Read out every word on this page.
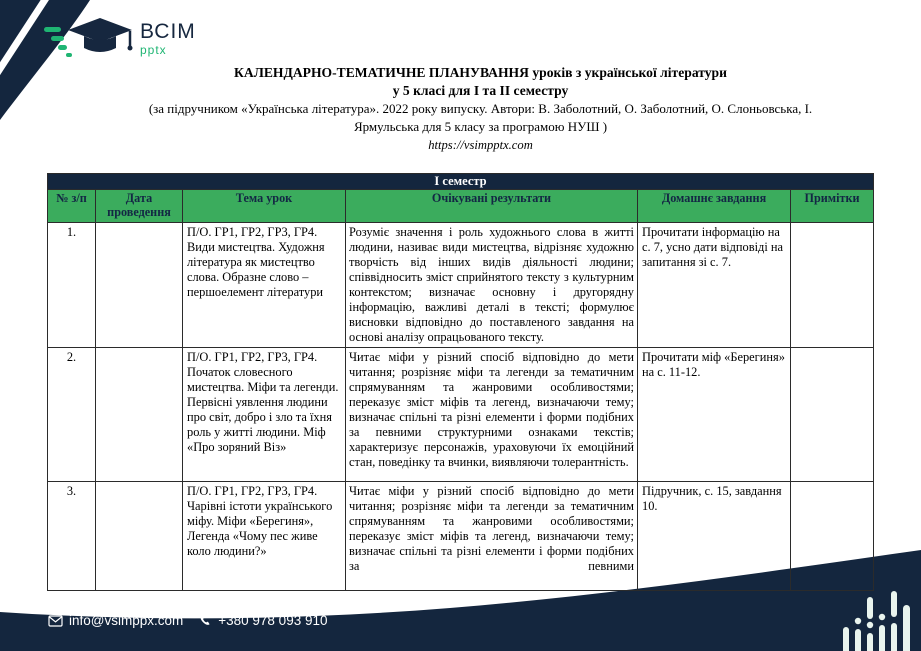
ВСІМ
pptx
КАЛЕНДАРНО-ТЕМАТИЧНЕ ПЛАНУВАННЯ уроків з української літератури
у 5 класі для І та ІІ семестру
(за підручником «Українська література». 2022 року випуску. Автори: В. Заболотний, О. Заболотний, О. Слоньовська, І.
Ярмульська для 5 класу за програмою НУШ )
https://vsimpptx.com
І семестр					
№ з/п	Дата проведення	Тема урок	Очікувані результати	Домашнє завдання	Примітки

1.		П/О. ГР1, ГР2, ГР3, ГР4. Види мистецтва. Художня література як мистецтво слова. Образне слово – першоелемент літератури	Розуміє значення і роль художнього слова в житті людини, називає види мистецтва, відрізняє художню творчість від інших видів діяльності людини; співвідносить зміст сприйнятого тексту з культурним контекстом; визначає основну і другорядну інформацію, важливі деталі в тексті; формулює висновки відповідно до поставленого завдання на основі аналізу опрацьованого тексту.	Прочитати інформацію на с. 7, усно дати відповіді на запитання зі с. 7.	

2.		П/О. ГР1, ГР2, ГР3, ГР4. Початок словесного мистецтва. Міфи та легенди. Первісні уявлення людини про світ, добро і зло та їхня роль у житті людини. Міф «Про зоряний Віз»	Читає міфи у різний спосіб відповідно до мети читання; розрізняє міфи та легенди за тематичним спрямуванням та жанровими особливостями; переказує зміст міфів та легенд, визначаючи тему; визначає спільні та різні елементи і форми подібних за певними структурними ознаками текстів; характеризує персонажів, ураховуючи їх емоційний стан, поведінку та вчинки, виявляючи толерантність.	Прочитати міф «Берегиня» на с. 11-12.	

3.		П/О. ГР1, ГР2, ГР3, ГР4. Чарівні істоти українського міфу. Міфи «Берегиня», Легенда «Чому пес живе коло людини?»	Читає міфи у різний спосіб відповідно до мети читання; розрізняє міфи та легенди за тематичним спрямуванням та жанровими особливостями; переказує зміст міфів та легенд, визначаючи тему; визначає спільні та різні елементи і форми подібних за певними	Підручник, с. 15, завдання 10.	

info@vsimppx.com	+380 978 093 910
